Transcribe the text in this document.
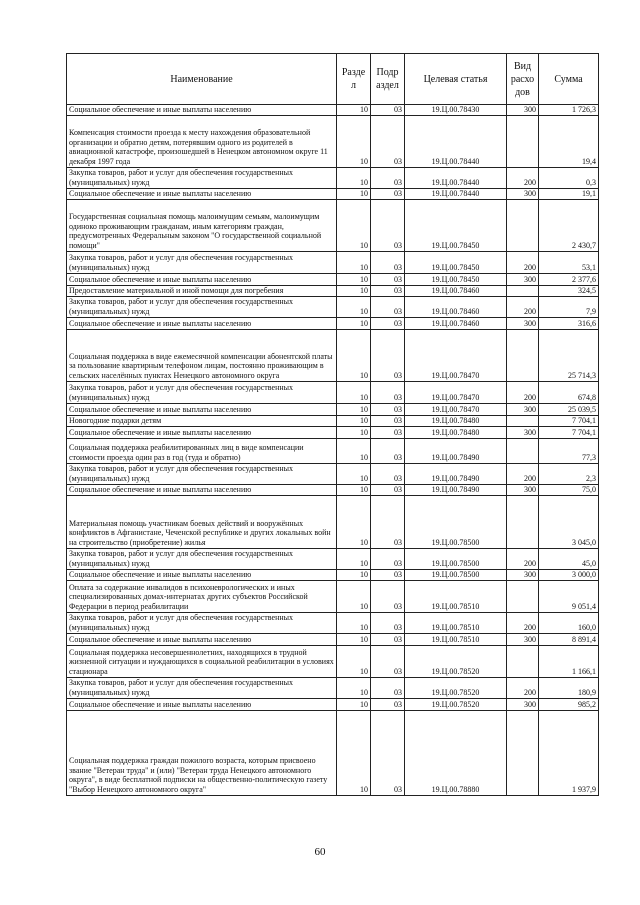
Наименование	Разде л	Подр аздел	Целевая статья	Вид расхо дов	Сумма
Социальное обеспечение и иные выплаты населению	10	03	19.Ц.00.78430	300	1 726,3
Компенсация стоимости проезда к месту нахождения образовательной организации и обратно детям, потерявшим одного из родителей в авиационной катастрофе, произошедшей в Ненецком автономном округе 11 декабря 1997 года	10	03	19.Ц.00.78440		19,4
Закупка товаров, работ и услуг для обеспечения государственных (муниципальных) нужд	10	03	19.Ц.00.78440	200	0,3
Социальное обеспечение и иные выплаты населению	10	03	19.Ц.00.78440	300	19,1
Государственная социальная помощь малоимущим семьям, малоимущим одиноко проживающим гражданам, иным категориям граждан, предусмотренных Федеральным законом "О государственной социальной помощи"	10	03	19.Ц.00.78450		2 430,7
Закупка товаров, работ и услуг для обеспечения государственных (муниципальных) нужд	10	03	19.Ц.00.78450	200	53,1
Социальное обеспечение и иные выплаты населению	10	03	19.Ц.00.78450	300	2 377,6
Предоставление материальной и иной помощи для погребения	10	03	19.Ц.00.78460		324,5
Закупка товаров, работ и услуг для обеспечения государственных (муниципальных) нужд	10	03	19.Ц.00.78460	200	7,9
Социальное обеспечение и иные выплаты населению	10	03	19.Ц.00.78460	300	316,6
Социальная поддержка в виде ежемесячной компенсации абонентской платы за пользование квартирным телефоном лицам, постоянно проживающим в сельских населённых пунктах Ненецкого автономного округа	10	03	19.Ц.00.78470		25 714,3
Закупка товаров, работ и услуг для обеспечения государственных (муниципальных) нужд	10	03	19.Ц.00.78470	200	674,8
Социальное обеспечение и иные выплаты населению	10	03	19.Ц.00.78470	300	25 039,5
Новогодние подарки детям	10	03	19.Ц.00.78480		7 704,1
Социальное обеспечение и иные выплаты населению	10	03	19.Ц.00.78480	300	7 704,1
Социальная поддержка реабилитированных лиц в виде компенсации стоимости проезда один раз в год (туда и обратно)	10	03	19.Ц.00.78490		77,3
Закупка товаров, работ и услуг для обеспечения государственных (муниципальных) нужд	10	03	19.Ц.00.78490	200	2,3
Социальное обеспечение и иные выплаты населению	10	03	19.Ц.00.78490	300	75,0
Материальная помощь участникам боевых действий и вооружённых конфликтов в Афганистане, Чеченской республике и других локальных войн на строительство (приобретение) жилья	10	03	19.Ц.00.78500		3 045,0
Закупка товаров, работ и услуг для обеспечения государственных (муниципальных) нужд	10	03	19.Ц.00.78500	200	45,0
Социальное обеспечение и иные выплаты населению	10	03	19.Ц.00.78500	300	3 000,0
Оплата за содержание инвалидов в психоневрологических и иных специализированных домах-интернатах других субъектов Российской Федерации в период реабилитации	10	03	19.Ц.00.78510		9 051,4
Закупка товаров, работ и услуг для обеспечения государственных (муниципальных) нужд	10	03	19.Ц.00.78510	200	160,0
Социальное обеспечение и иные выплаты населению	10	03	19.Ц.00.78510	300	8 891,4
Социальная поддержка несовершеннолетних, находящихся в трудной жизненной ситуации и нуждающихся в социальной реабилитации в условиях стационара	10	03	19.Ц.00.78520		1 166,1
Закупка товаров, работ и услуг для обеспечения государственных (муниципальных) нужд	10	03	19.Ц.00.78520	200	180,9
Социальное обеспечение и иные выплаты населению	10	03	19.Ц.00.78520	300	985,2
Социальная поддержка граждан пожилого возраста, которым присвоено звание "Ветеран труда" и (или) "Ветеран труда Ненецкого автономного округа", в виде бесплатной подписки на общественно-политическую газету "Выбор Ненецкого автономного округа"	10	03	19.Ц.00.78880		1 937,9
60
